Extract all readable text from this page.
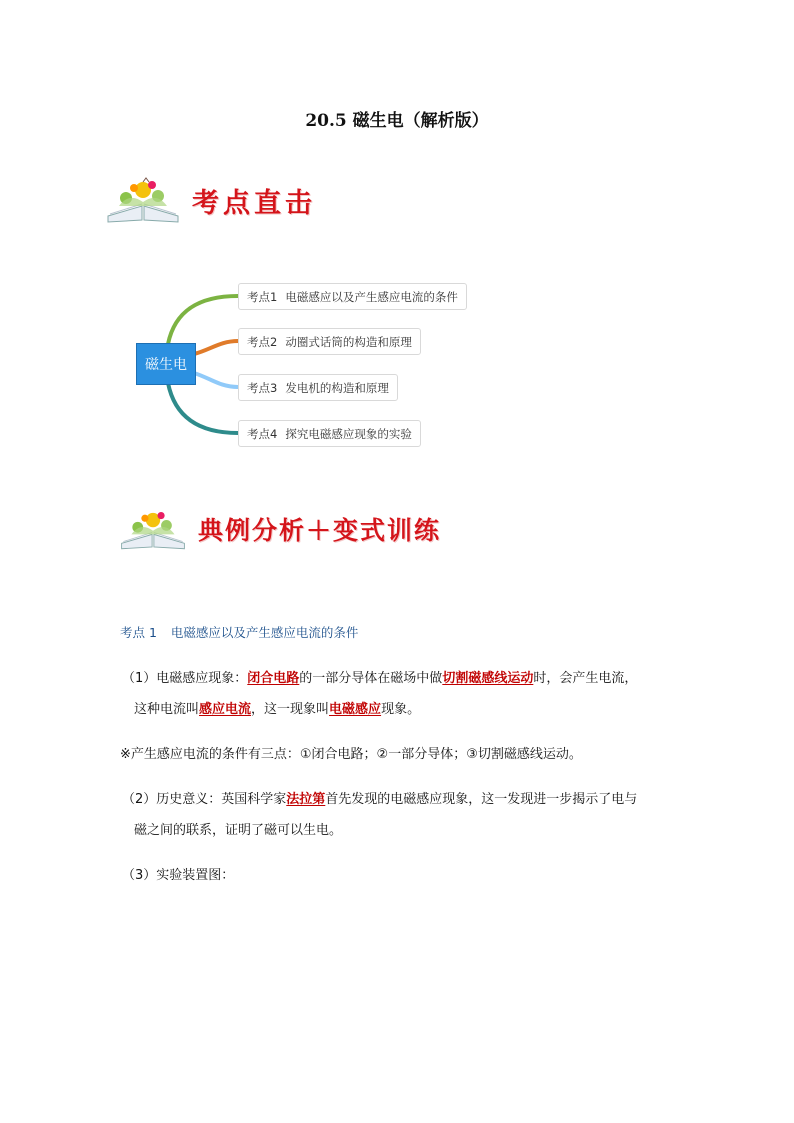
20.5 磁生电（解析版）
考点直击
磁生电
考点1 电磁感应以及产生感应电流的条件
考点2 动圈式话筒的构造和原理
考点3 发电机的构造和原理
考点4 探究电磁感应现象的实验
典例分析＋变式训练
考点 1 电磁感应以及产生感应电流的条件
（1）电磁感应现象：闭合电路的一部分导体在磁场中做切割磁感线运动时，会产生电流，
这种电流叫感应电流，这一现象叫电磁感应现象。
※产生感应电流的条件有三点：①闭合电路；②一部分导体；③切割磁感线运动。
（2）历史意义：英国科学家法拉第首先发现的电磁感应现象，这一发现进一步揭示了电与
磁之间的联系，证明了磁可以生电。
（3）实验装置图：
